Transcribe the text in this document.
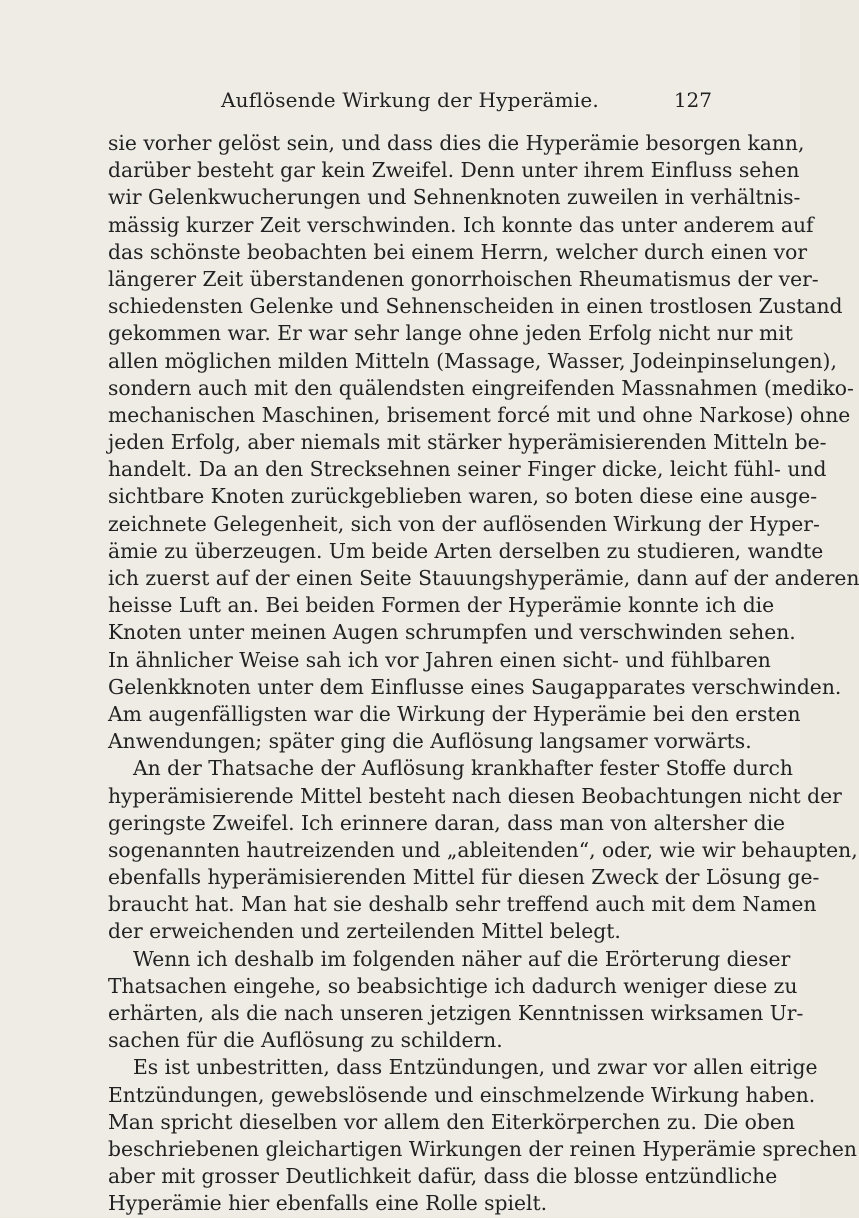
Auflösende Wirkung der Hyperämie.	127
sie vorher gelöst sein, und dass dies die Hyperämie besorgen kann,
darüber besteht gar kein Zweifel. Denn unter ihrem Einfluss sehen
wir Gelenkwucherungen und Sehnenknoten zuweilen in verhältnis-
mässig kurzer Zeit verschwinden. Ich konnte das unter anderem auf
das schönste beobachten bei einem Herrn, welcher durch einen vor
längerer Zeit überstandenen gonorrhoischen Rheumatismus der ver-
schiedensten Gelenke und Sehnenscheiden in einen trostlosen Zustand
gekommen war. Er war sehr lange ohne jeden Erfolg nicht nur mit
allen möglichen milden Mitteln (Massage, Wasser, Jodeinpinselungen),
sondern auch mit den quälendsten eingreifenden Massnahmen (mediko-
mechanischen Maschinen, brisement forcé mit und ohne Narkose) ohne
jeden Erfolg, aber niemals mit stärker hyperämisierenden Mitteln be-
handelt. Da an den Strecksehnen seiner Finger dicke, leicht fühl- und
sichtbare Knoten zurückgeblieben waren, so boten diese eine ausge-
zeichnete Gelegenheit, sich von der auflösenden Wirkung der Hyper-
ämie zu überzeugen. Um beide Arten derselben zu studieren, wandte
ich zuerst auf der einen Seite Stauungshyperämie, dann auf der anderen
heisse Luft an. Bei beiden Formen der Hyperämie konnte ich die
Knoten unter meinen Augen schrumpfen und verschwinden sehen.
In ähnlicher Weise sah ich vor Jahren einen sicht- und fühlbaren
Gelenkknoten unter dem Einflusse eines Saugapparates verschwinden.
Am augenfälligsten war die Wirkung der Hyperämie bei den ersten
Anwendungen; später ging die Auflösung langsamer vorwärts.
An der Thatsache der Auflösung krankhafter fester Stoffe durch
hyperämisierende Mittel besteht nach diesen Beobachtungen nicht der
geringste Zweifel. Ich erinnere daran, dass man von altersher die
sogenannten hautreizenden und „ableitenden“, oder, wie wir behaupten,
ebenfalls hyperämisierenden Mittel für diesen Zweck der Lösung ge-
braucht hat. Man hat sie deshalb sehr treffend auch mit dem Namen
der erweichenden und zerteilenden Mittel belegt.
Wenn ich deshalb im folgenden näher auf die Erörterung dieser
Thatsachen eingehe, so beabsichtige ich dadurch weniger diese zu
erhärten, als die nach unseren jetzigen Kenntnissen wirksamen Ur-
sachen für die Auflösung zu schildern.
Es ist unbestritten, dass Entzündungen, und zwar vor allen eitrige
Entzündungen, gewebslösende und einschmelzende Wirkung haben.
Man spricht dieselben vor allem den Eiterkörperchen zu. Die oben
beschriebenen gleichartigen Wirkungen der reinen Hyperämie sprechen
aber mit grosser Deutlichkeit dafür, dass die blosse entzündliche
Hyperämie hier ebenfalls eine Rolle spielt.
